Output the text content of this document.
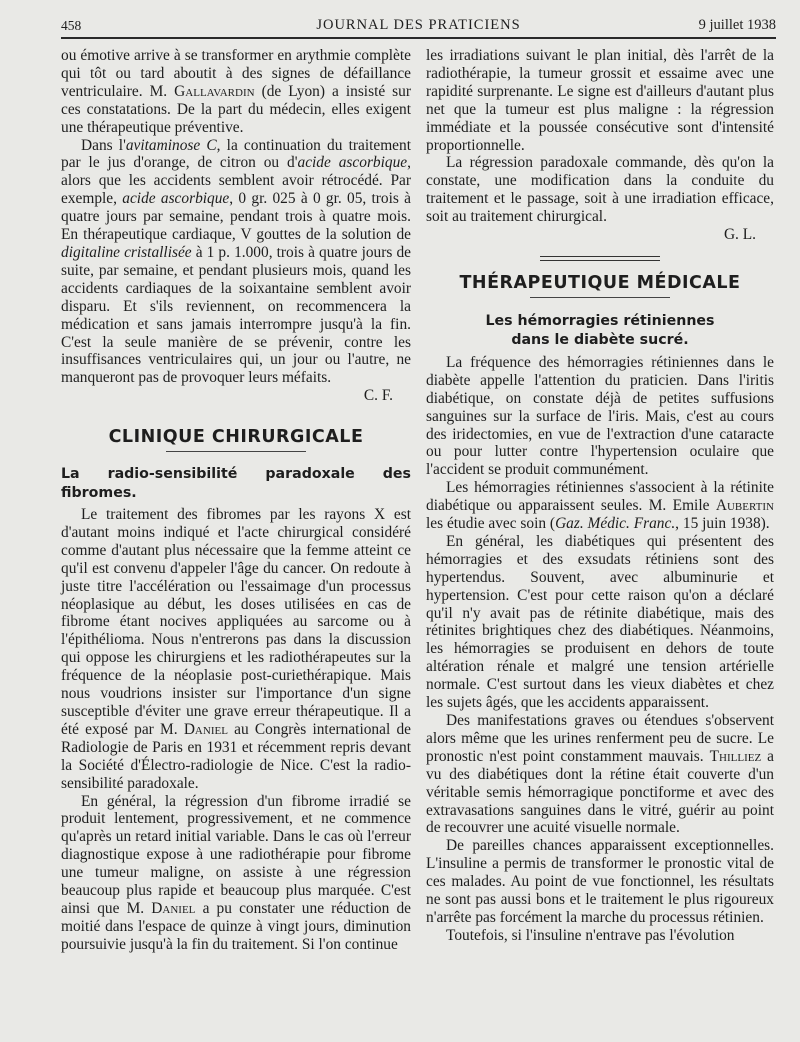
458	JOURNAL DES PRATICIENS	9 juillet 1938

ou émotive arrive à se transformer en arythmie complète qui tôt ou tard aboutit à des signes de défaillance ventriculaire. M. Gallavardin (de Lyon) a insisté sur ces constatations. De la part du médecin, elles exigent une thérapeutique préventive.

Dans l'avitaminose C, la continuation du traitement par le jus d'orange, de citron ou d'acide ascorbique, alors que les accidents semblent avoir rétrocédé. Par exemple, acide ascorbique, 0 gr. 025 à 0 gr. 05, trois à quatre jours par semaine, pendant trois à quatre mois. En thérapeutique cardiaque, V gouttes de la solution de digitaline cristallisée à 1 p. 1.000, trois à quatre jours de suite, par semaine, et pendant plusieurs mois, quand les accidents cardiaques de la soixantaine semblent avoir disparu. Et s'ils reviennent, on recommencera la médication et sans jamais interrompre jusqu'à la fin. C'est la seule manière de se prévenir, contre les insuffisances ventriculaires qui, un jour ou l'autre, ne manqueront pas de provoquer leurs méfaits.

C. F.

CLINIQUE CHIRURGICALE
La radio-sensibilité paradoxale des fibromes.

Le traitement des fibromes par les rayons X est d'autant moins indiqué et l'acte chirurgical considéré comme d'autant plus nécessaire que la femme atteint ce qu'il est convenu d'appeler l'âge du cancer. On redoute à juste titre l'accélération ou l'essaimage d'un processus néoplasique au début, les doses utilisées en cas de fibrome étant nocives appliquées au sarcome ou à l'épithélioma. Nous n'entrerons pas dans la discussion qui oppose les chirurgiens et les radiothérapeutes sur la fréquence de la néoplasie post-curiethérapique. Mais nous voudrions insister sur l'importance d'un signe susceptible d'éviter une grave erreur thérapeutique. Il a été exposé par M. Daniel au Congrès international de Radiologie de Paris en 1931 et récemment repris devant la Société d'Électro-radiologie de Nice. C'est la radio-sensibilité paradoxale.

En général, la régression d'un fibrome irradié se produit lentement, progressivement, et ne commence qu'après un retard initial variable. Dans le cas où l'erreur diagnostique expose à une radiothérapie pour fibrome une tumeur maligne, on assiste à une régression beaucoup plus rapide et beaucoup plus marquée. C'est ainsi que M. Daniel a pu constater une réduction de moitié dans l'espace de quinze à vingt jours, diminution poursuivie jusqu'à la fin du traitement. Si l'on continue

les irradiations suivant le plan initial, dès l'arrêt de la radiothérapie, la tumeur grossit et essaime avec une rapidité surprenante. Le signe est d'ailleurs d'autant plus net que la tumeur est plus maligne : la régression immédiate et la poussée consécutive sont d'intensité proportionnelle.

La régression paradoxale commande, dès qu'on la constate, une modification dans la conduite du traitement et le passage, soit à une irradiation efficace, soit au traitement chirurgical.

G. L.

THÉRAPEUTIQUE MÉDICALE
Les hémorragies rétiniennes
dans le diabète sucré.

La fréquence des hémorragies rétiniennes dans le diabète appelle l'attention du praticien. Dans l'iritis diabétique, on constate déjà de petites suffusions sanguines sur la surface de l'iris. Mais, c'est au cours des iridectomies, en vue de l'extraction d'une cataracte ou pour lutter contre l'hypertension oculaire que l'accident se produit communément.

Les hémorragies rétiniennes s'associent à la rétinite diabétique ou apparaissent seules. M. Emile Aubertin les étudie avec soin (Gaz. Médic. Franc., 15 juin 1938).

En général, les diabétiques qui présentent des hémorragies et des exsudats rétiniens sont des hypertendus. Souvent, avec albuminurie et hypertension. C'est pour cette raison qu'on a déclaré qu'il n'y avait pas de rétinite diabétique, mais des rétinites brightiques chez des diabétiques. Néanmoins, les hémorragies se produisent en dehors de toute altération rénale et malgré une tension artérielle normale. C'est surtout dans les vieux diabètes et chez les sujets âgés, que les accidents apparaissent.

Des manifestations graves ou étendues s'observent alors même que les urines renferment peu de sucre. Le pronostic n'est point constamment mauvais. Thilliez a vu des diabétiques dont la rétine était couverte d'un véritable semis hémorragique ponctiforme et avec des extravasations sanguines dans le vitré, guérir au point de recouvrer une acuité visuelle normale.

De pareilles chances apparaissent exceptionnelles. L'insuline a permis de transformer le pronostic vital de ces malades. Au point de vue fonctionnel, les résultats ne sont pas aussi bons et le traitement le plus rigoureux n'arrête pas forcément la marche du processus rétinien.

Toutefois, si l'insuline n'entrave pas l'évolution
